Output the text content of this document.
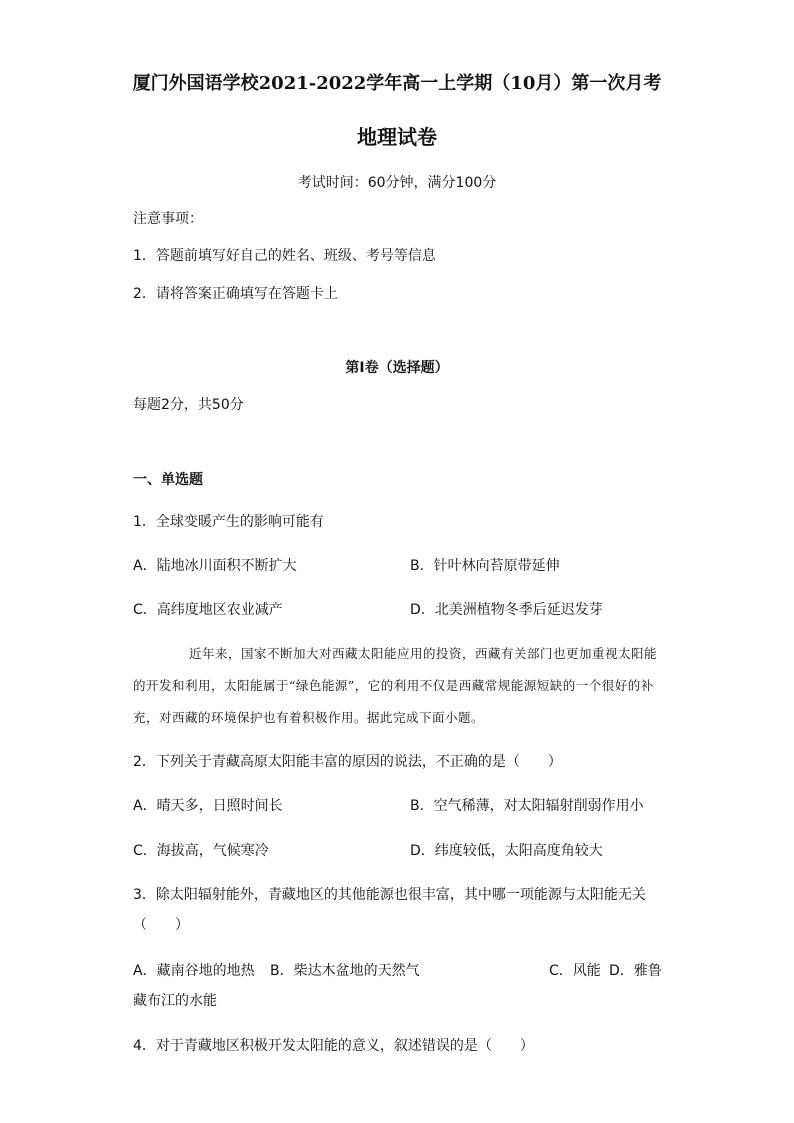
厦门外国语学校2021-2022学年高一上学期（10月）第一次月考
地理试卷
考试时间：60分钟，满分100分
注意事项：
1．答题前填写好自己的姓名、班级、考号等信息
2．请将答案正确填写在答题卡上
第I卷（选择题）
每题2分，共50分
一、单选题
1．全球变暖产生的影响可能有
A．陆地冰川面积不断扩大	B．针叶林向苔原带延伸
C．高纬度地区农业减产	D．北美洲植物冬季后延迟发芽
近年来，国家不断加大对西藏太阳能应用的投资，西藏有关部门也更加重视太阳能的开发和利用，太阳能属于“绿色能源”，它的利用不仅是西藏常规能源短缺的一个很好的补充，对西藏的环境保护也有着积极作用。据此完成下面小题。
2．下列关于青藏高原太阳能丰富的原因的说法，不正确的是（　　）
A．晴天多，日照时间长	B．空气稀薄，对太阳辐射削弱作用小
C．海拔高，气候寒冷	D．纬度较低，太阳高度角较大
3．除太阳辐射能外，青藏地区的其他能源也很丰富，其中哪一项能源与太阳能无关
（　　）
A．藏南谷地的地热 B．柴达木盆地的天然气	C．风能 D．雅鲁
藏布江的水能
4．对于青藏地区积极开发太阳能的意义，叙述错误的是（　　）
